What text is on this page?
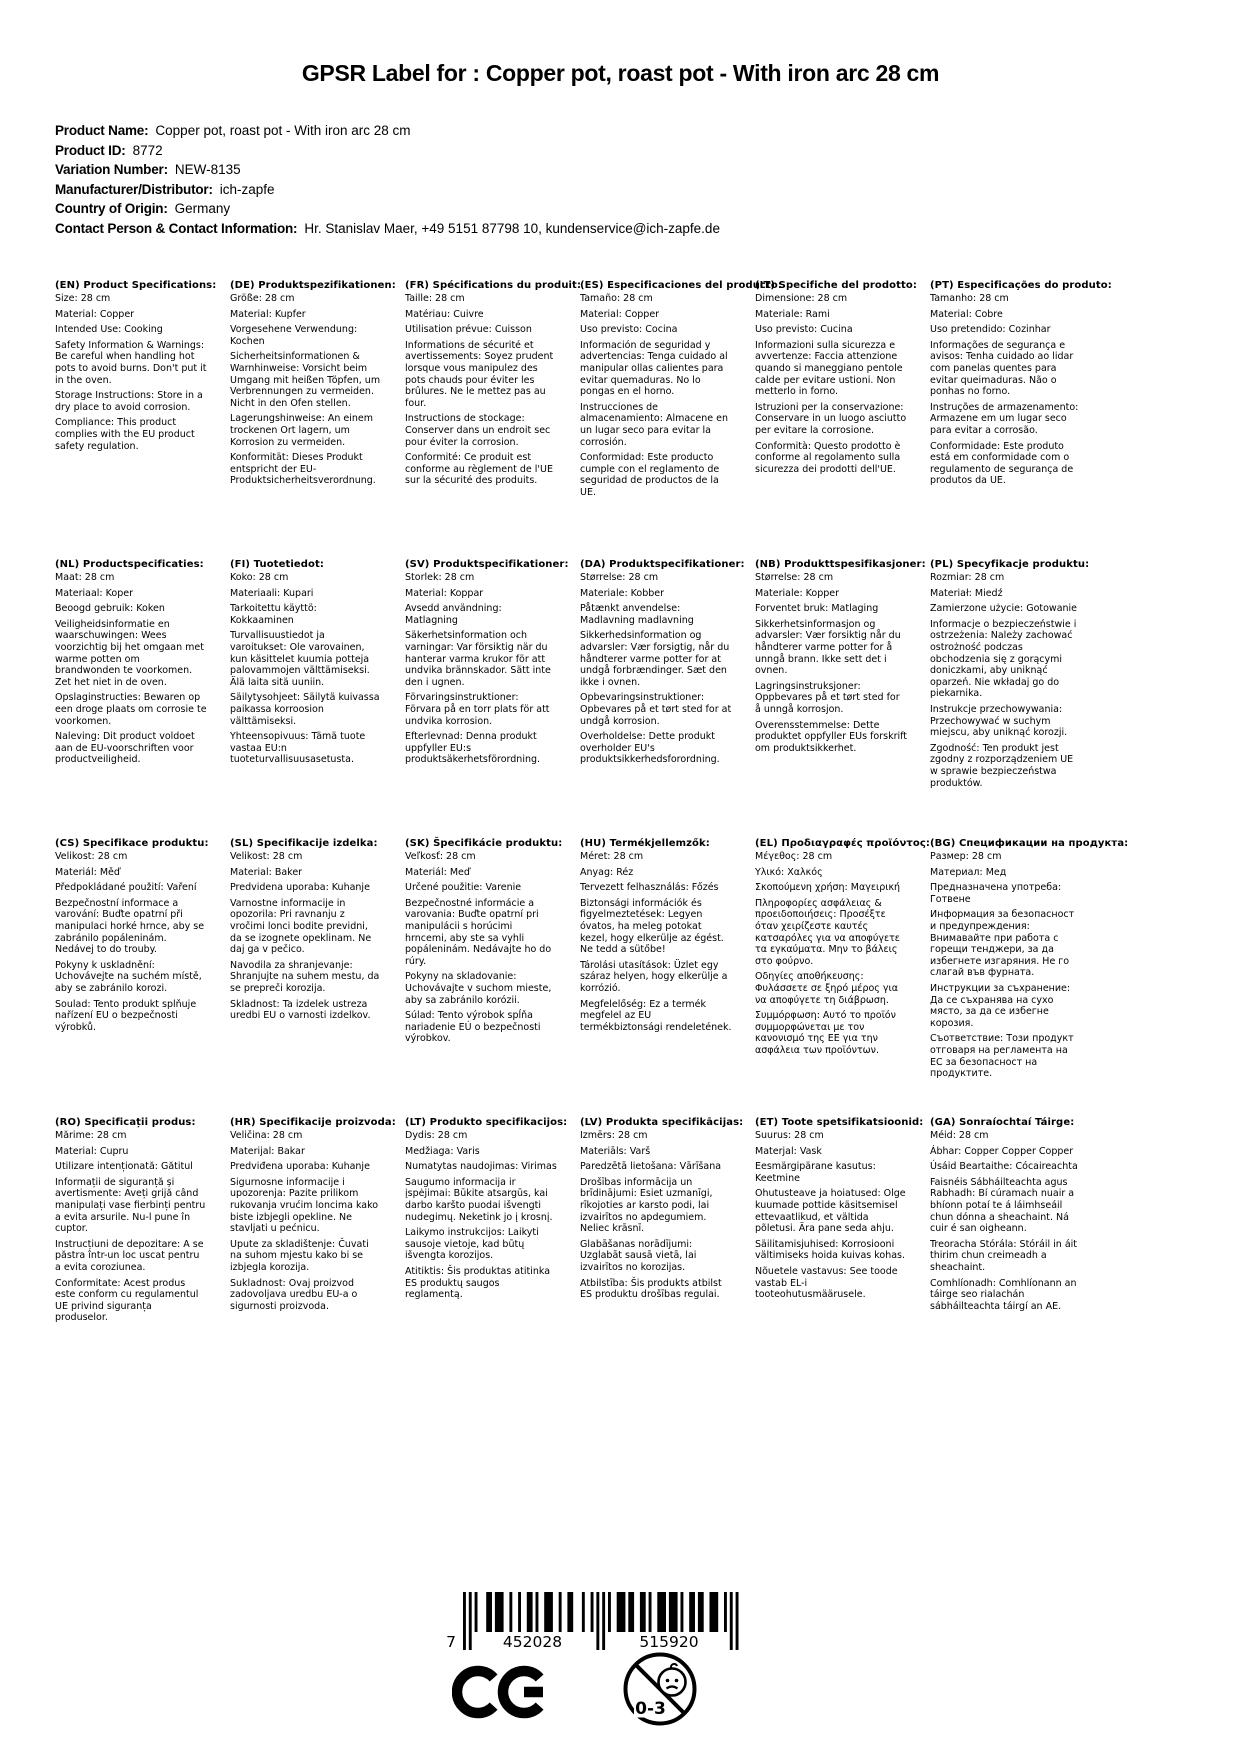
GPSR Label for : Copper pot, roast pot - With iron arc 28 cm
Product Name: Copper pot, roast pot - With iron arc 28 cm
Product ID: 8772
Variation Number: NEW-8135
Manufacturer/Distributor: ich-zapfe
Country of Origin: Germany
Contact Person & Contact Information: Hr. Stanislav Maer, +49 5151 87798 10, kundenservice@ich-zapfe.de
(EN) Product Specifications:
Size: 28 cm
Material: Copper
Intended Use: Cooking
Safety Information & Warnings: Be careful when handling hot pots to avoid burns. Don't put it in the oven.
Storage Instructions: Store in a dry place to avoid corrosion.
Compliance: This product complies with the EU product safety regulation.
(DE) Produktspezifikationen:
Größe: 28 cm
Material: Kupfer
Vorgesehene Verwendung: Kochen
Sicherheitsinformationen & Warnhinweise: Vorsicht beim Umgang mit heißen Töpfen, um Verbrennungen zu vermeiden. Nicht in den Ofen stellen.
Lagerungshinweise: An einem trockenen Ort lagern, um Korrosion zu vermeiden.
Konformität: Dieses Produkt entspricht der EU-Produktsicherheitsverordnung.
(FR) Spécifications du produit:
Taille: 28 cm
Matériau: Cuivre
Utilisation prévue: Cuisson
Informations de sécurité et avertissements: Soyez prudent lorsque vous manipulez des pots chauds pour éviter les brûlures. Ne le mettez pas au four.
Instructions de stockage: Conserver dans un endroit sec pour éviter la corrosion.
Conformité: Ce produit est conforme au règlement de l'UE sur la sécurité des produits.
(ES) Especificaciones del producto:
Tamaño: 28 cm
Material: Copper
Uso previsto: Cocina
Información de seguridad y advertencias: Tenga cuidado al manipular ollas calientes para evitar quemaduras. No lo pongas en el horno.
Instrucciones de almacenamiento: Almacene en un lugar seco para evitar la corrosión.
Conformidad: Este producto cumple con el reglamento de seguridad de productos de la UE.
(IT) Specifiche del prodotto:
Dimensione: 28 cm
Materiale: Rami
Uso previsto: Cucina
Informazioni sulla sicurezza e avvertenze: Faccia attenzione quando si maneggiano pentole calde per evitare ustioni. Non metterlo in forno.
Istruzioni per la conservazione: Conservare in un luogo asciutto per evitare la corrosione.
Conformità: Questo prodotto è conforme al regolamento sulla sicurezza dei prodotti dell'UE.
(PT) Especificações do produto:
Tamanho: 28 cm
Material: Cobre
Uso pretendido: Cozinhar
Informações de segurança e avisos: Tenha cuidado ao lidar com panelas quentes para evitar queimaduras. Não o ponhas no forno.
Instruções de armazenamento: Armazene em um lugar seco para evitar a corrosão.
Conformidade: Este produto está em conformidade com o regulamento de segurança de produtos da UE.
(NL) Productspecificaties:
Maat: 28 cm
Materiaal: Koper
Beoogd gebruik: Koken
Veiligheidsinformatie en waarschuwingen: Wees voorzichtig bij het omgaan met warme potten om brandwonden te voorkomen. Zet het niet in de oven.
Opslaginstructies: Bewaren op een droge plaats om corrosie te voorkomen.
Naleving: Dit product voldoet aan de EU-voorschriften voor productveiligheid.
(FI) Tuotetiedot:
Koko: 28 cm
Materiaali: Kupari
Tarkoitettu käyttö: Kokkaaminen
Turvallisuustiedot ja varoitukset: Ole varovainen, kun käsittelet kuumia potteja palovammojen välttämiseksi. Älä laita sitä uuniin.
Säilytysohjeet: Säilytä kuivassa paikassa korroosion välttämiseksi.
Yhteensopivuus: Tämä tuote vastaa EU:n tuoteturvallisuusasetusta.
(SV) Produktspecifikationer:
Storlek: 28 cm
Material: Koppar
Avsedd användning: Matlagning
Säkerhetsinformation och varningar: Var försiktig när du hanterar varma krukor för att undvika brännskador. Sätt inte den i ugnen.
Förvaringsinstruktioner: Förvara på en torr plats för att undvika korrosion.
Efterlevnad: Denna produkt uppfyller EU:s produktsäkerhetsförordning.
(DA) Produktspecifikationer:
Størrelse: 28 cm
Materiale: Kobber
Påtænkt anvendelse: Madlavning madlavning
Sikkerhedsinformation og advarsler: Vær forsigtig, når du håndterer varme potter for at undgå forbrændinger. Sæt den ikke i ovnen.
Opbevaringsinstruktioner: Opbevares på et tørt sted for at undgå korrosion.
Overholdelse: Dette produkt overholder EU's produktsikkerhedsforordning.
(NB) Produkttspesifikasjoner:
Størrelse: 28 cm
Materiale: Kopper
Forventet bruk: Matlaging
Sikkerhetsinformasjon og advarsler: Vær forsiktig når du håndterer varme potter for å unngå brann. Ikke sett det i ovnen.
Lagringsinstruksjoner: Oppbevares på et tørt sted for å unngå korrosjon.
Overensstemmelse: Dette produktet oppfyller EUs forskrift om produktsikkerhet.
(PL) Specyfikacje produktu:
Rozmiar: 28 cm
Materiał: Miedź
Zamierzone użycie: Gotowanie
Informacje o bezpieczeństwie i ostrzeżenia: Należy zachować ostrożność podczas obchodzenia się z gorącymi doniczkami, aby uniknąć oparzeń. Nie wkładaj go do piekarnika.
Instrukcje przechowywania: Przechowywać w suchym miejscu, aby uniknąć korozji.
Zgodność: Ten produkt jest zgodny z rozporządzeniem UE w sprawie bezpieczeństwa produktów.
(CS) Specifikace produktu:
Velikost: 28 cm
Materiál: Měď
Předpokládané použití: Vaření
Bezpečnostní informace a varování: Buďte opatrní při manipulaci horké hrnce, aby se zabránilo popáleninám. Nedávej to do trouby.
Pokyny k uskladnění: Uchovávejte na suchém místě, aby se zabránilo korozi.
Soulad: Tento produkt splňuje nařízení EU o bezpečnosti výrobků.
(SL) Specifikacije izdelka:
Velikost: 28 cm
Material: Baker
Predvidena uporaba: Kuhanje
Varnostne informacije in opozorila: Pri ravnanju z vročimi lonci bodite previdni, da se izognete opeklinam. Ne daj ga v pečico.
Navodila za shranjevanje: Shranjujte na suhem mestu, da se prepreči korozija.
Skladnost: Ta izdelek ustreza uredbi EU o varnosti izdelkov.
(SK) Špecifikácie produktu:
Veľkosť: 28 cm
Materiál: Meď
Určené použitie: Varenie
Bezpečnostné informácie a varovania: Buďte opatrní pri manipulácii s horúcimi hrncemi, aby ste sa vyhli popáleninám. Nedávajte ho do rúry.
Pokyny na skladovanie: Uchovávajte v suchom mieste, aby sa zabránilo korózii.
Súlad: Tento výrobok spĺňa nariadenie EÚ o bezpečnosti výrobkov.
(HU) Termékjellemzők:
Méret: 28 cm
Anyag: Réz
Tervezett felhasználás: Főzés
Biztonsági információk és figyelmeztetések: Legyen óvatos, ha meleg potokat kezel, hogy elkerülje az égést. Ne tedd a sütőbe!
Tárolási utasítások: Üzlet egy száraz helyen, hogy elkerülje a korrózió.
Megfelelőség: Ez a termék megfelel az EU termékbiztonsági rendeletének.
(EL) Προδιαγραφές προϊόντος:
Μέγεθος: 28 cm
Υλικό: Χαλκός
Σκοπούμενη χρήση: Μαγειρική
Πληροφορίες ασφάλειας & προειδοποιήσεις: Προσέξτε όταν χειρίζεστε καυτές κατσαρόλες για να αποφύγετε τα εγκαύματα. Μην το βάλεις στο φούρνο.
Οδηγίες αποθήκευσης: Φυλάσσετε σε ξηρό μέρος για να αποφύγετε τη διάβρωση.
Συμμόρφωση: Αυτό το προϊόν συμμορφώνεται με τον κανονισμό της ΕΕ για την ασφάλεια των προϊόντων.
(BG) Спецификации на продукта:
Размер: 28 cm
Материал: Мед
Предназначена употреба: Готвене
Информация за безопасност и предупреждения: Внимавайте при работа с горещи тенджери, за да избегнете изгаряния. Не го слагай във фурната.
Инструкции за съхранение: Да се съхранява на сухо място, за да се избегне корозия.
Съответствие: Този продукт отговаря на регламента на ЕС за безопасност на продуктите.
(RO) Specificații produs:
Mărime: 28 cm
Material: Cupru
Utilizare intenționată: Gătitul
Informații de siguranță și avertismente: Aveți grijă când manipulați vase fierbinți pentru a evita arsurile. Nu-l pune în cuptor.
Instrucțiuni de depozitare: A se păstra într-un loc uscat pentru a evita coroziunea.
Conformitate: Acest produs este conform cu regulamentul UE privind siguranța produselor.
(HR) Specifikacije proizvoda:
Veličina: 28 cm
Materijal: Bakar
Predviđena uporaba: Kuhanje
Sigurnosne informacije i upozorenja: Pazite prilikom rukovanja vrućim loncima kako biste izbjegli opekline. Ne stavljati u pećnicu.
Upute za skladištenje: Čuvati na suhom mjestu kako bi se izbjegla korozija.
Sukladnost: Ovaj proizvod zadovoljava uredbu EU-a o sigurnosti proizvoda.
(LT) Produkto specifikacijos:
Dydis: 28 cm
Medžiaga: Varis
Numatytas naudojimas: Virimas
Saugumo informacija ir įspėjimai: Būkite atsargūs, kai darbo karšto puodai išvengti nudegimų. Neketink jo į krosnį.
Laikymo instrukcijos: Laikyti sausoje vietoje, kad būtų išvengta korozijos.
Atitiktis: Šis produktas atitinka ES produktų saugos reglamentą.
(LV) Produkta specifikācijas:
Izmērs: 28 cm
Materiāls: Varš
Paredzētā lietošana: Vārīšana
Drošības informācija un brīdinājumi: Esiet uzmanīgi, rīkojoties ar karsto podi, lai izvairītos no apdegumiem. Neliec krāsnī.
Glabāšanas norādījumi: Uzglabāt sausā vietā, lai izvairītos no korozijas.
Atbilstība: Šis produkts atbilst ES produktu drošības regulai.
(ET) Toote spetsifikatsioonid:
Suurus: 28 cm
Materjal: Vask
Eesmärgipärane kasutus: Keetmine
Ohutusteave ja hoiatused: Olge kuumade pottide käsitsemisel ettevaatlikud, et vältida põletusi. Ära pane seda ahju.
Säilitamisjuhised: Korrosiooni vältimiseks hoida kuivas kohas.
Nõuetele vastavus: See toode vastab EL-i tooteohutusmäärusele.
(GA) Sonraíochtaí Táirge:
Méid: 28 cm
Ábhar: Copper Copper Copper
Úsáid Beartaithe: Cócaireachta
Faisnéis Sábháilteachta agus Rabhadh: Bí cúramach nuair a bhíonn potaí te á láimhseáil chun dónna a sheachaint. Ná cuir é san oigheann.
Treoracha Stórála: Stóráil in áit thirim chun creimeadh a sheachaint.
Comhlíonadh: Comhlíonann an táirge seo rialachán sábháilteachta táirgí an AE.
7	452028	515920
0-3
